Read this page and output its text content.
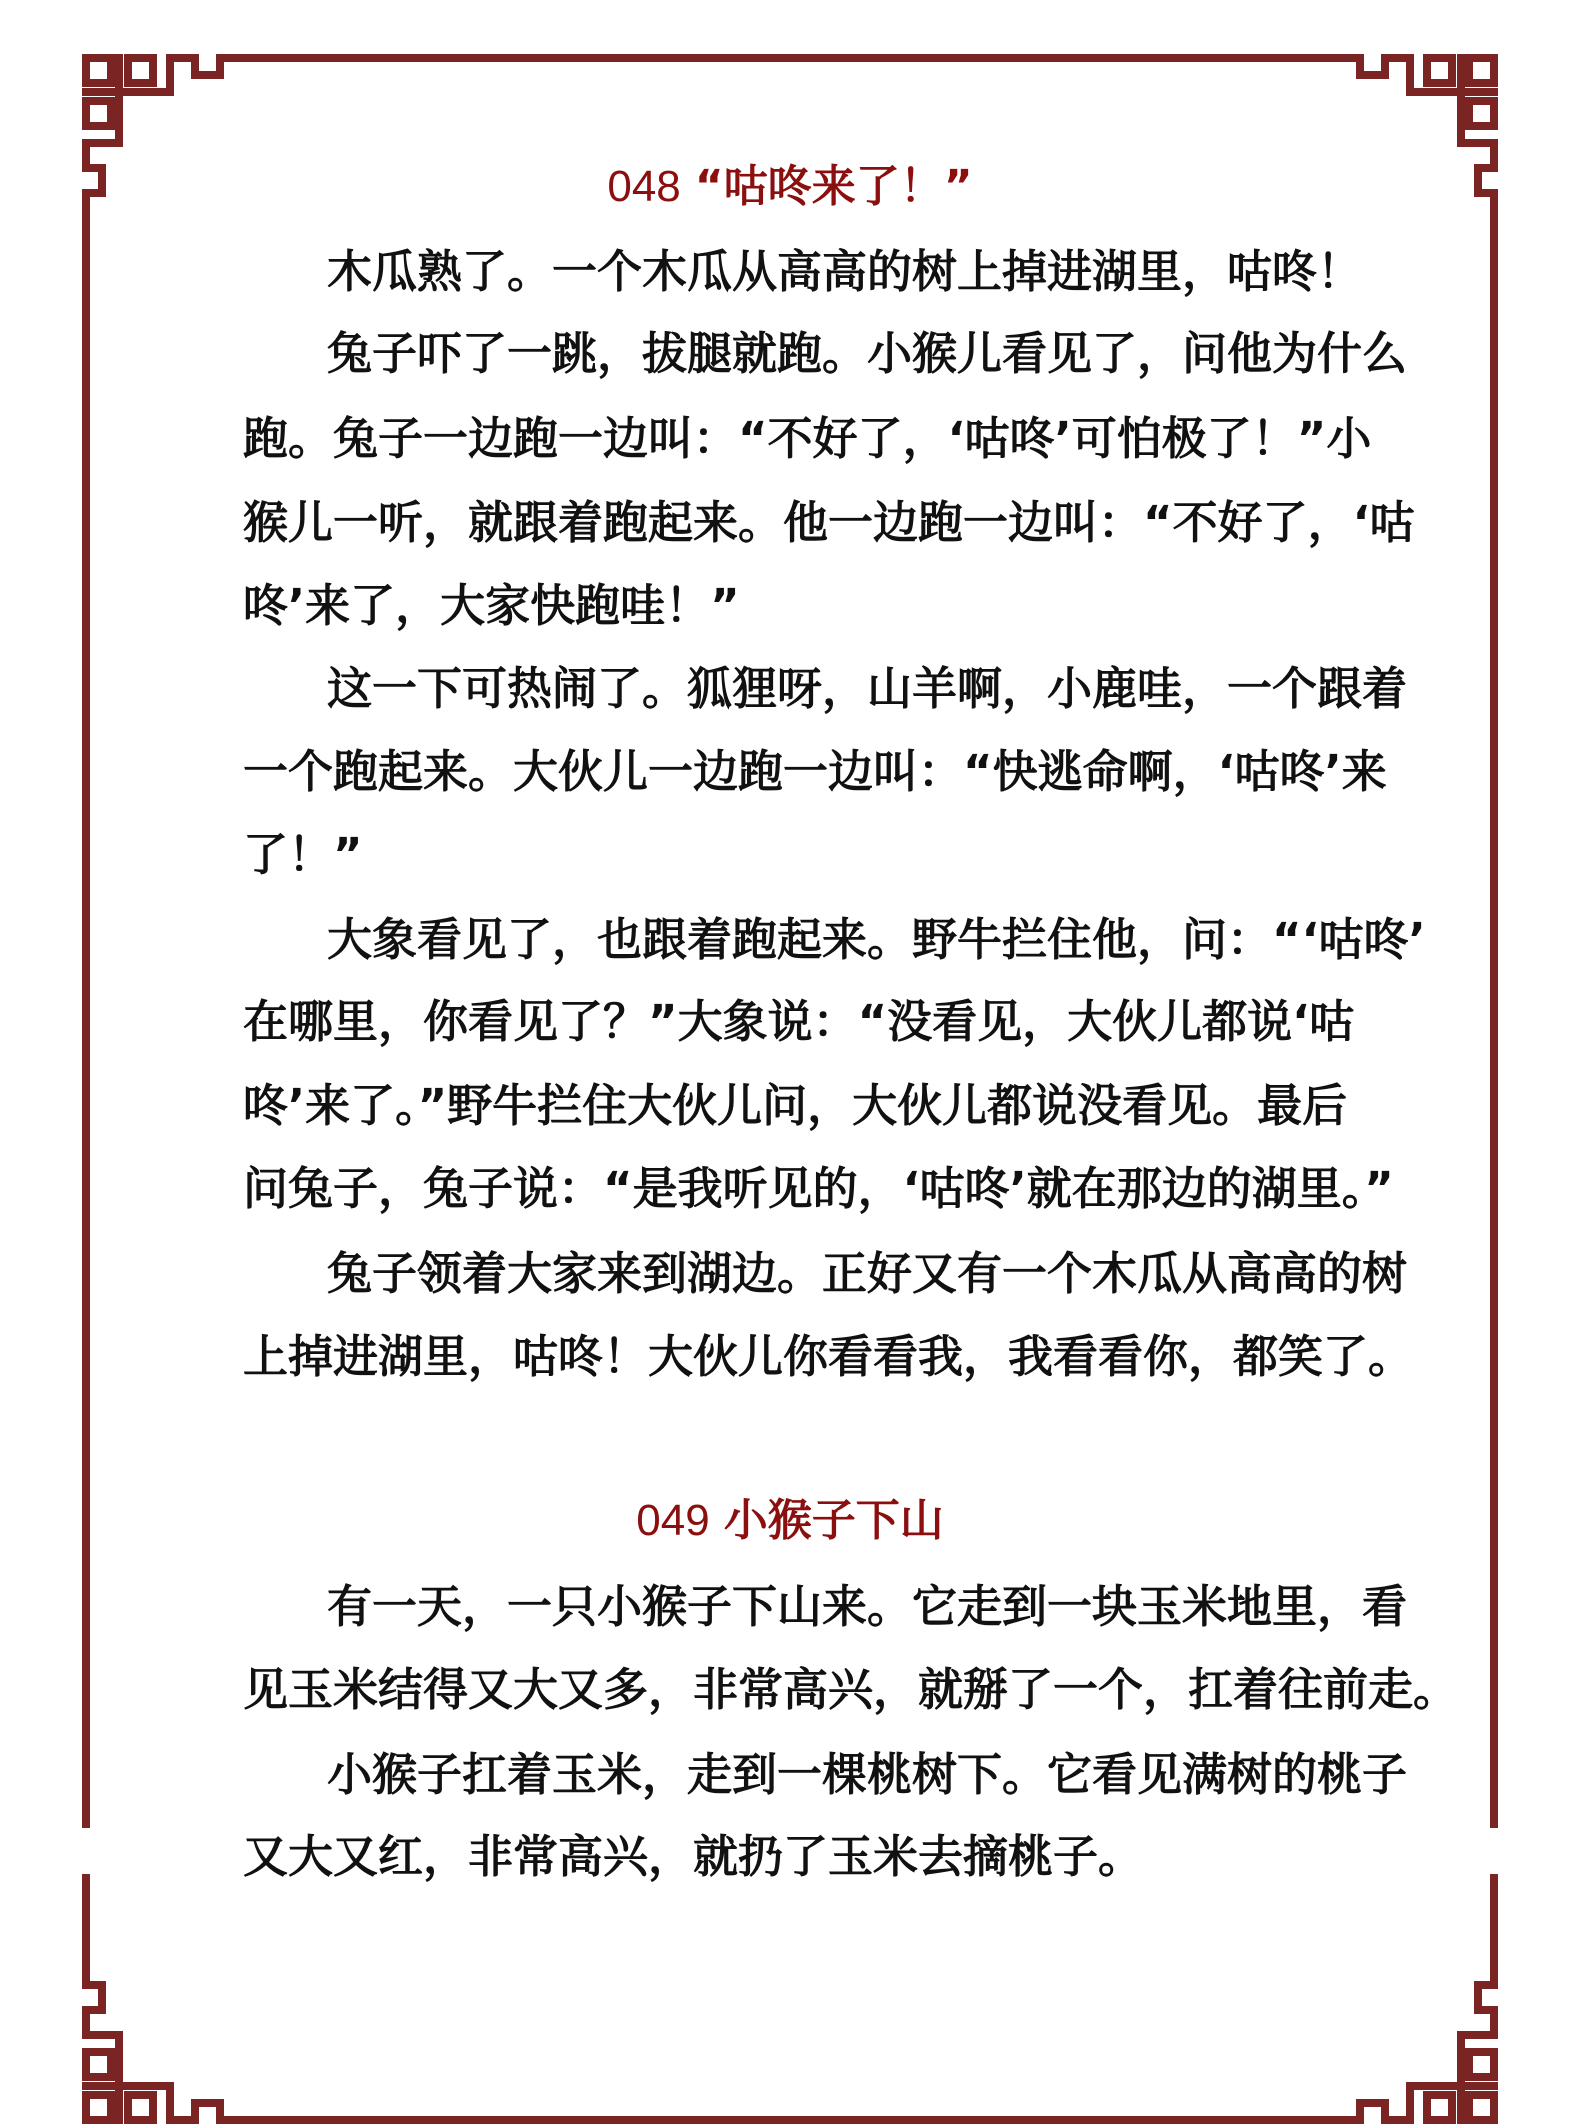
048 “咕咚来了！”
木瓜熟了。一个木瓜从高高的树上掉进湖里，咕咚！
兔子吓了一跳，拔腿就跑。小猴儿看见了，问他为什么
跑。兔子一边跑一边叫：“不好了，‘咕咚’可怕极了！”小
猴儿一听，就跟着跑起来。他一边跑一边叫：“不好了，‘咕
咚’来了，大家快跑哇！”
这一下可热闹了。狐狸呀，山羊啊，小鹿哇，一个跟着
一个跑起来。大伙儿一边跑一边叫：“快逃命啊，‘咕咚’来
了！”
大象看见了，也跟着跑起来。野牛拦住他，问：“‘咕咚’
在哪里，你看见了？”大象说：“没看见，大伙儿都说‘咕
咚’来了。”野牛拦住大伙儿问，大伙儿都说没看见。最后
问兔子，兔子说：“是我听见的，‘咕咚’就在那边的湖里。”
兔子领着大家来到湖边。正好又有一个木瓜从高高的树
上掉进湖里，咕咚！大伙儿你看看我，我看看你，都笑了。
049 小猴子下山
有一天，一只小猴子下山来。它走到一块玉米地里，看
见玉米结得又大又多，非常高兴，就掰了一个，扛着往前走。
小猴子扛着玉米，走到一棵桃树下。它看见满树的桃子
又大又红，非常高兴，就扔了玉米去摘桃子。
